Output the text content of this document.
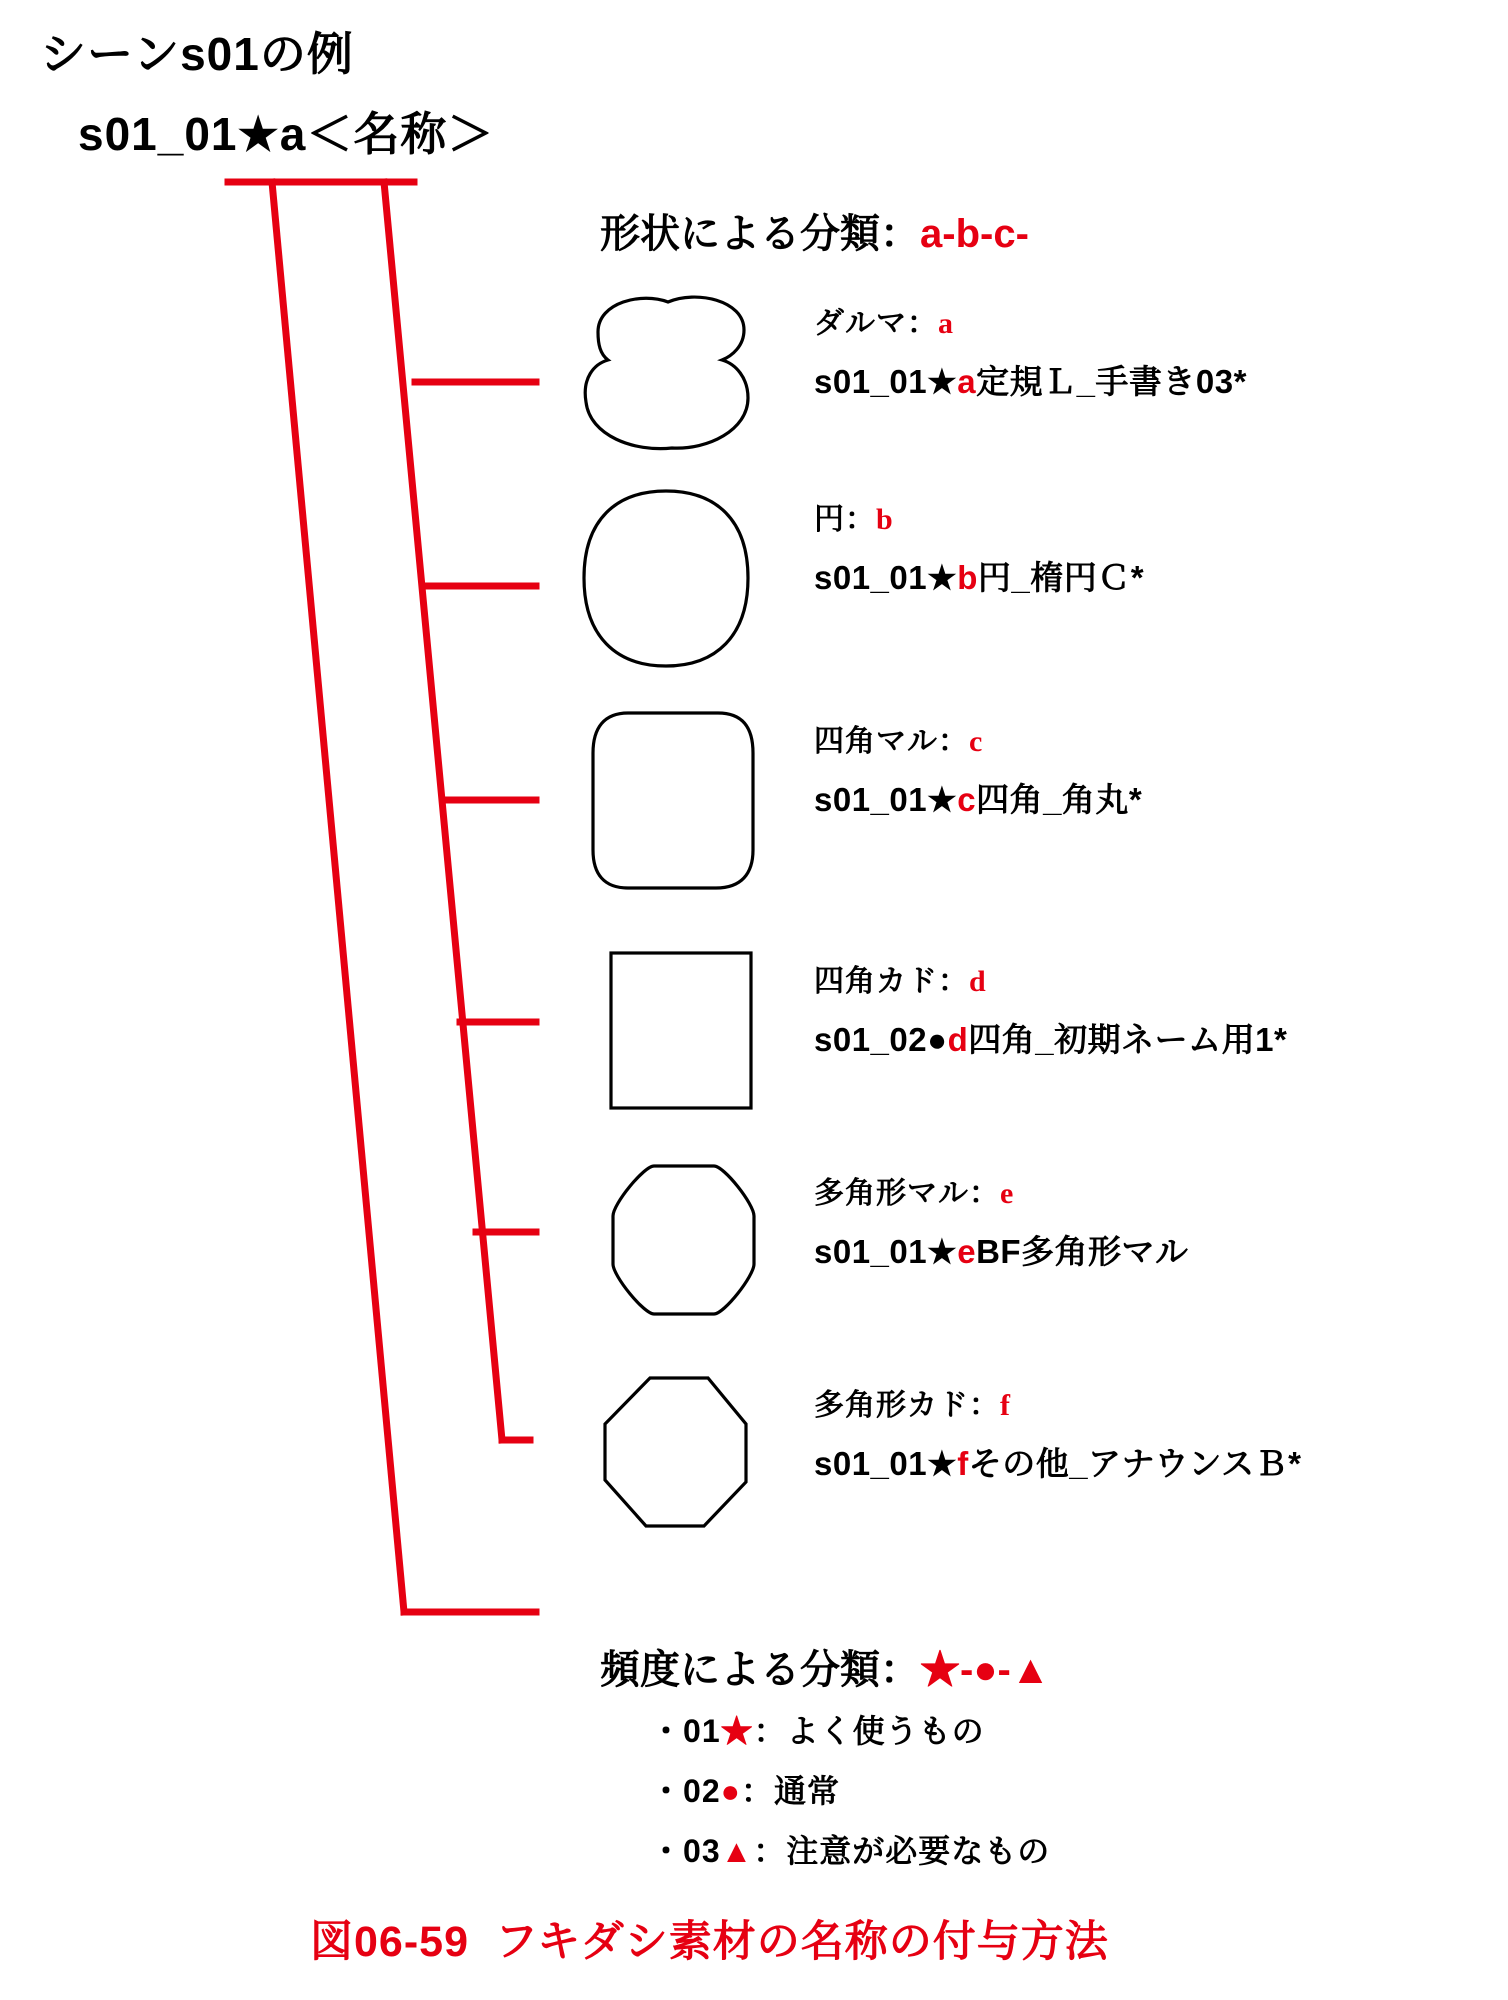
シーンs01の例
s01_01★a＜名称＞
形状による分類：a-b-c-
ダルマ：a
s01_01★a定規Ｌ_手書き03*
円：b
s01_01★b円_楕円Ｃ*
四角マル：c
s01_01★c四角_角丸*
四角カド：d
s01_02●d四角_初期ネーム用1*
多角形マル：e
s01_01★eBF多角形マル
多角形カド：f
s01_01★fその他_アナウンスＢ*
頻度による分類：★-●-▲
・01★：よく使うもの
・02●：通常
・03▲：注意が必要なもの
図06-59 フキダシ素材の名称の付与方法
